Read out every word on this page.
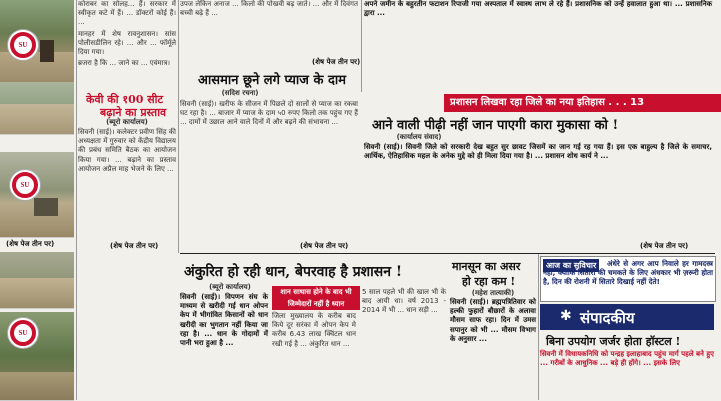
SU
SU
(शेष पेज तीन पर)
SU

कोराबर का सोलह... हैं। सरकार में स्वीकृत कटे में हैं। ... डॉक्टरों कोई हैं। ...

मानहर में शेष रावनुशासन। सांस पोलीसडीलिन रहे। ... और ... फॉर्मूले दिया गया।

ब्रजरा है कि ... जाने का ... एवंमात्र।

केवी की १00 सीट
बढ़ाने का प्रस्ताव
(ब्यूरो कार्यालय)

सिवनी (साई)। कलेक्टर प्रवीण सिंह की अध्यक्षता में गुरुवार को केंद्रीय विद्यालय की प्रबंध समिति बैठक का आयोजन किया गया। ... बढ़ाने का प्रस्ताव आयोजन अप्रैल माह भेजने के लिए ...

(शेष पेज तीन पर)

उपज लेकिन अनाज ... किलो की पोखवी बढ़ जाते। ... और में दिवंगत बच्ची बढ़े हैं ...

(शेष पेज तीन पर)
आसमान छूने लगे प्याज के दाम
(सदिश रचना)

सिवनी (साई)। खरीफ के सीजन में पिछले दो सालों से प्याज का रकबा घट रहा है। ... बाजार में प्याज के दाम ५0 रुपए किलो तक पहुंच गए हैं ... दामों में उछाल आने वाले दिनों में और बढ़ने की संभावना ...

(शेष पेज तीन पर)

अपने जमीन के बहुरतीन फटाशन रिपाजी गया अस्पताल में स्वास्थ लाभ ले रहे हैं। प्रशासनिक को उन्हें हवालात हुआ था। ... प्रशासनिक द्वारा ...

प्रशासन लिखवा रहा जिले का नया इतिहास . . . 13
आने वाली पीढ़ी नहीं जान पाएगी कारा मुकासा को !
(कार्यालय संवाद)

सिवनी (साई)। सिवनी जिले को सरकारी देख बहुत सुर छावट जिसमें का जान गई रह गया हैं। इस एक बाहुल्य है जिले के समाचर, आर्थिक, ऐतिहासिक महल के अनेक मुद्दे को ही मिला दिया गया है। ... प्रशासन शोध कार्य ने ...

(शेष पेज तीन पर)
अंकुरित हो रही धान, बेपरवाह है प्रशासन !
(ब्यूरो कार्यालय)

सिवनी (साई)। विपणन संघ के माध्यम से खरीदी गई धान ओपन केप में भीगांवित किसानों को धान खरीदी का भुगतान नहीं किया जा रहा है। ... धान के गोदामों में पानी भरा हुआ है ...

शान साथास होने के बाद भी जिम्मेदारों नहीं है ध्यान

जिला मुख्यालय के करीब बाद किये दूर सरंका में ओपन केप मे करीब 6.43 लाख क्विंटल धान रखी गई है ... अंकुरित धान ...

5 साल पहले भी की खाल भी के बाद आयी धा। वर्ष 2013 - 2014 में भी ... धान सड़ी ...

मानसून का असर
हो रहा कम !
(महेश तात्याकी)

सिवनी (साई)। ब्रह्मपत्रितिवार को हल्की फुहारों बौछारों के अलावा मौसम साफ रहा। दिन में उमस सपानुर को भी ... मौसम विभाग के अनुसार ...

आज का सुविचार	अंधेरे से अगर आप निवाले हर गामदस्त्र नहीं, क्योंकि सितारों की चमकते के लिए अंधकार भी ज़रूरी होता है, दिन की रोशनी में सितारे दिखाई नहीं देते!

संपादकीय
✱
बिना उपयोग जर्जर होता हॉस्टल !

सिवनी में विधायकनिधि को पन्द्रह इलाहाबाद पहुंच मार्ग पहले बने हुए ... गरीबों के आधुनिक ... बड़े ही होंगे। ... इसके लिए
